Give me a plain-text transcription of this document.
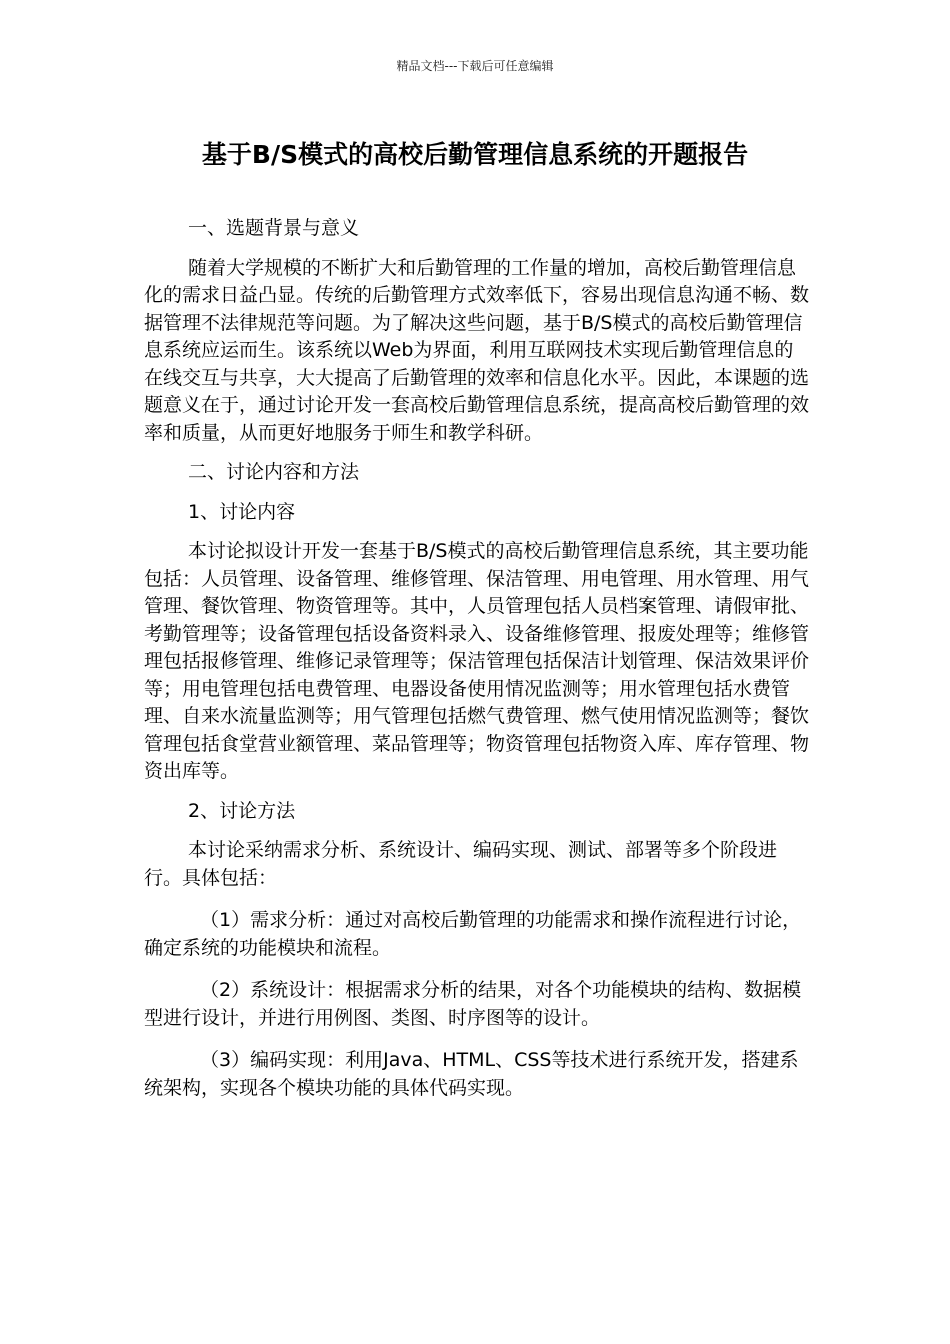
精品文档---下载后可任意编辑
基于B/S模式的高校后勤管理信息系统的开题报告

一、选题背景与意义

随着大学规模的不断扩大和后勤管理的工作量的增加，高校后勤管理信息化的需求日益凸显。传统的后勤管理方式效率低下，容易出现信息沟通不畅、数据管理不法律规范等问题。为了解决这些问题，基于B/S模式的高校后勤管理信息系统应运而生。该系统以Web为界面，利用互联网技术实现后勤管理信息的在线交互与共享，大大提高了后勤管理的效率和信息化水平。因此，本课题的选题意义在于，通过讨论开发一套高校后勤管理信息系统，提高高校后勤管理的效率和质量，从而更好地服务于师生和教学科研。

二、讨论内容和方法

1、讨论内容

本讨论拟设计开发一套基于B/S模式的高校后勤管理信息系统，其主要功能包括：人员管理、设备管理、维修管理、保洁管理、用电管理、用水管理、用气管理、餐饮管理、物资管理等。其中，人员管理包括人员档案管理、请假审批、考勤管理等；设备管理包括设备资料录入、设备维修管理、报废处理等；维修管理包括报修管理、维修记录管理等；保洁管理包括保洁计划管理、保洁效果评价等；用电管理包括电费管理、电器设备使用情况监测等；用水管理包括水费管理、自来水流量监测等；用气管理包括燃气费管理、燃气使用情况监测等；餐饮管理包括食堂营业额管理、菜品管理等；物资管理包括物资入库、库存管理、物资出库等。

2、讨论方法

本讨论采纳需求分析、系统设计、编码实现、测试、部署等多个阶段进行。具体包括：

（1）需求分析：通过对高校后勤管理的功能需求和操作流程进行讨论，确定系统的功能模块和流程。

（2）系统设计：根据需求分析的结果，对各个功能模块的结构、数据模型进行设计，并进行用例图、类图、时序图等的设计。

（3）编码实现：利用Java、HTML、CSS等技术进行系统开发，搭建系统架构，实现各个模块功能的具体代码实现。
